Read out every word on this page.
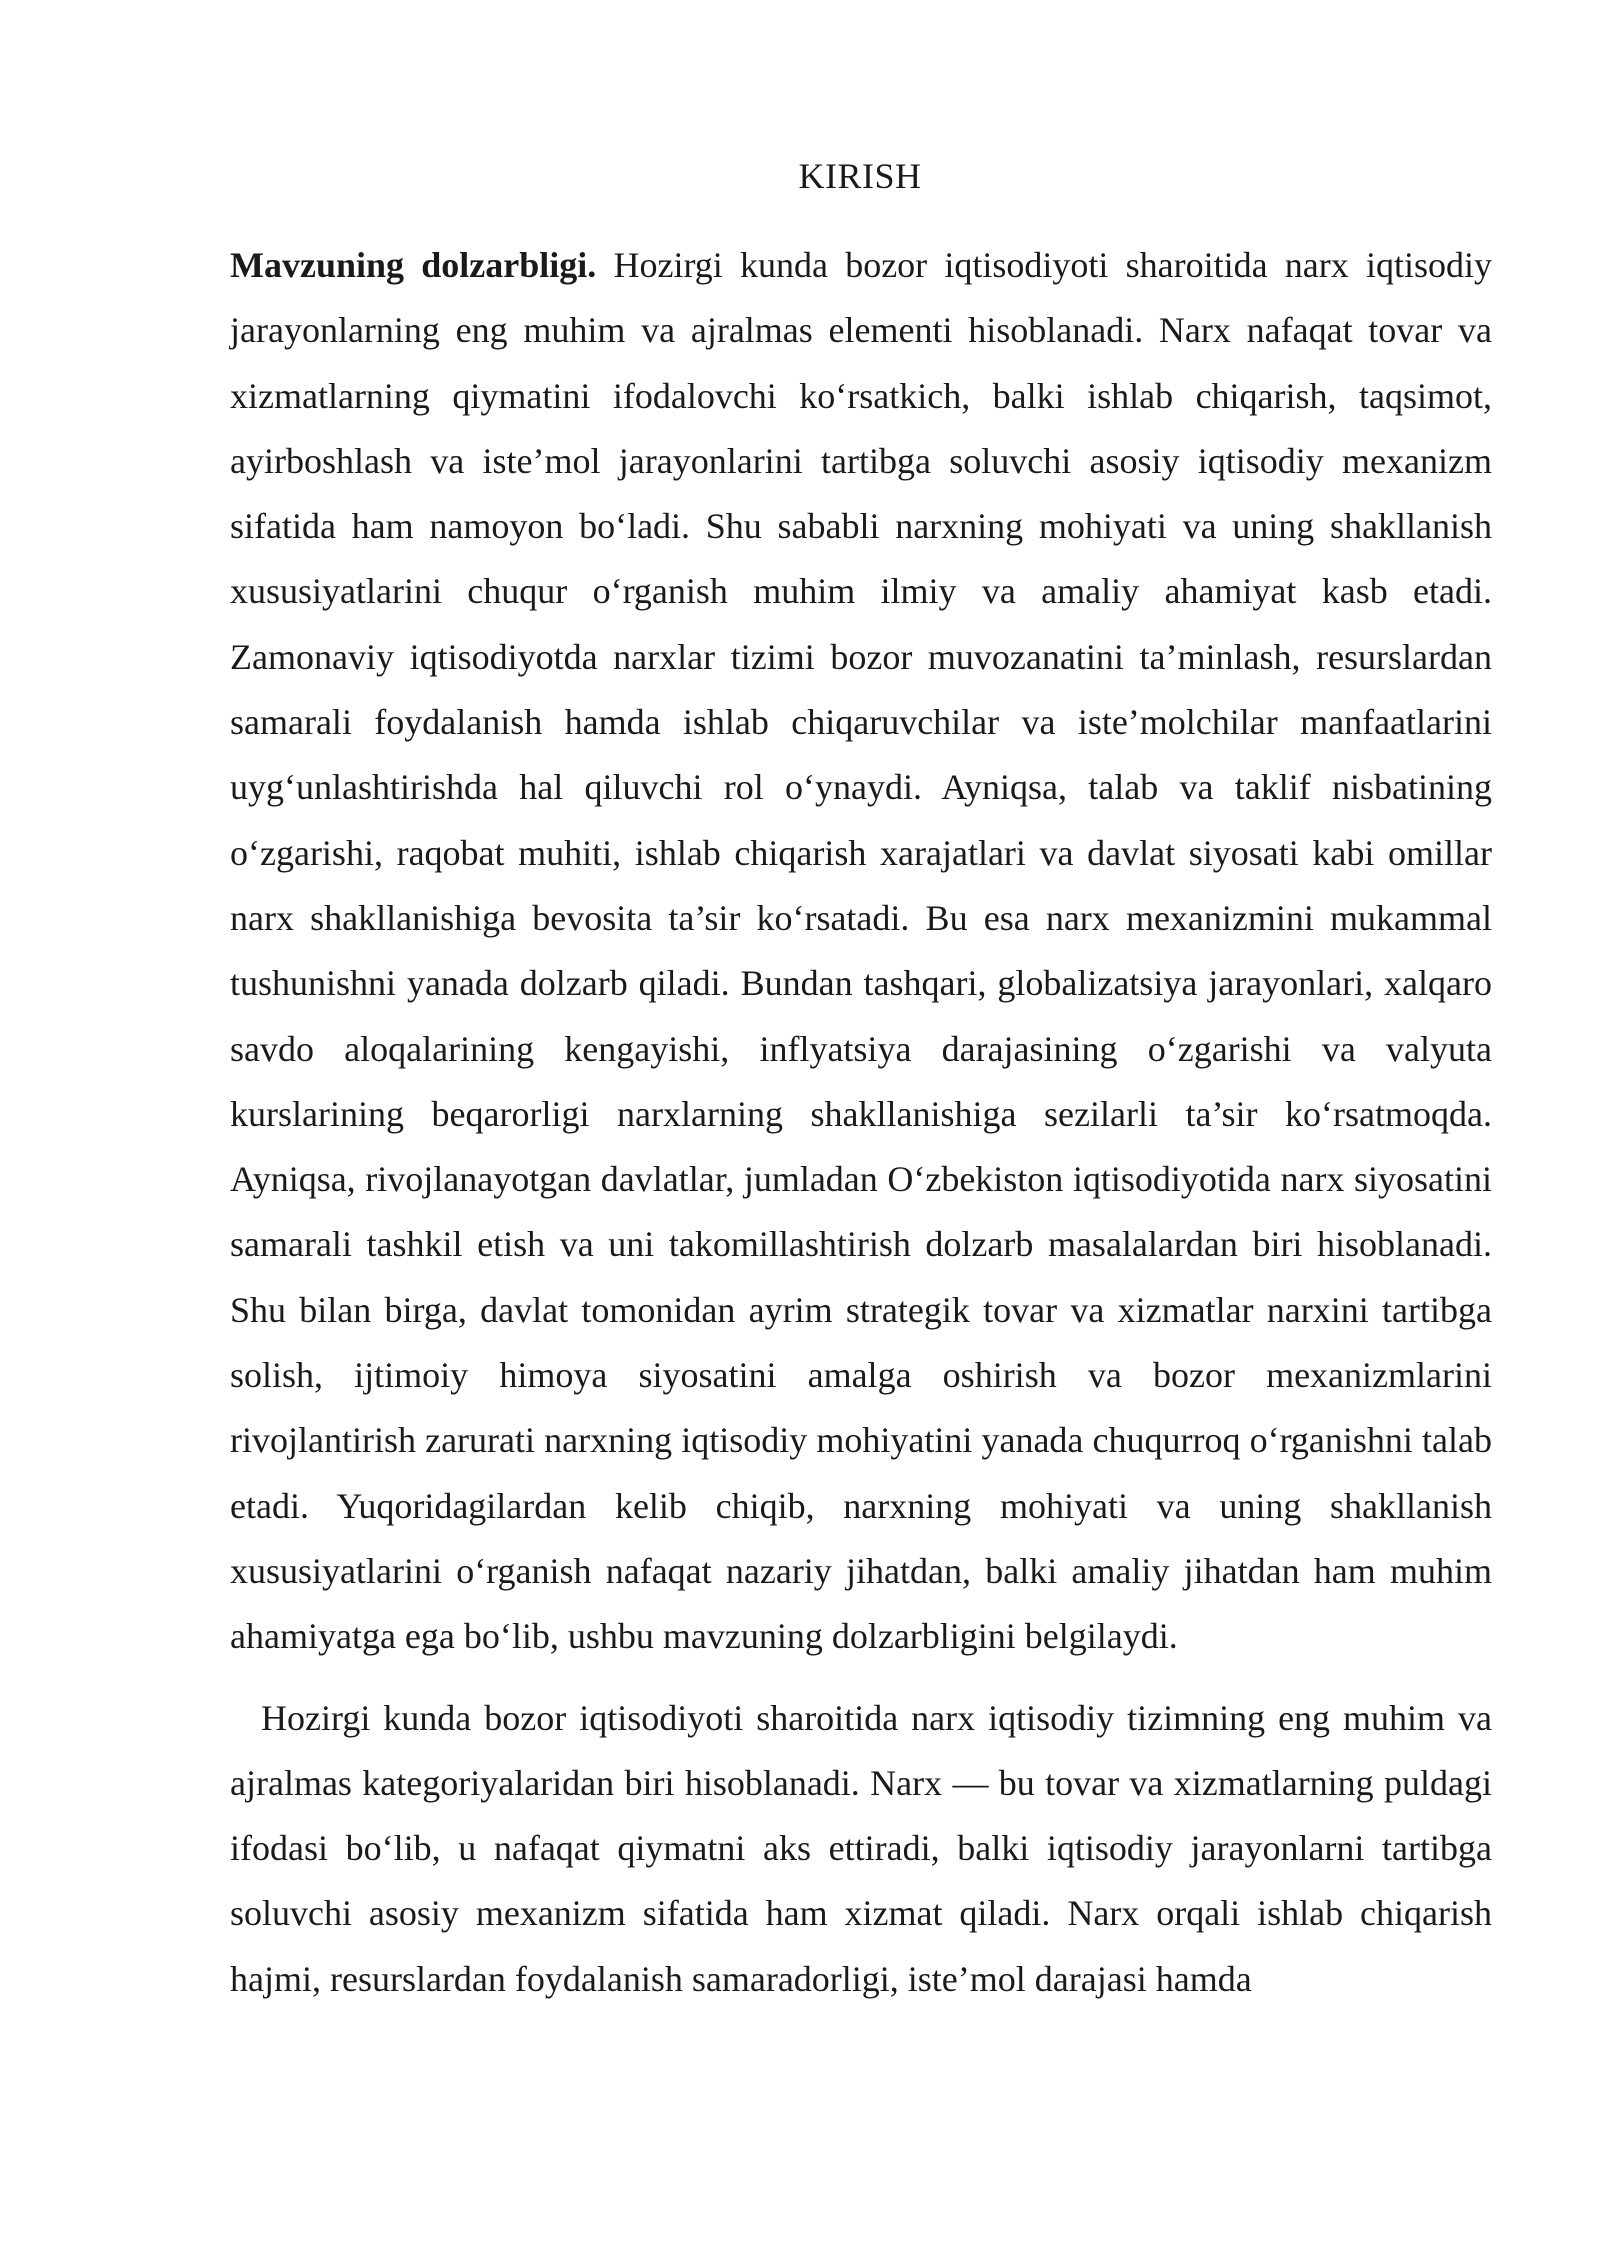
KIRISH

Mavzuning dolzarbligi. Hozirgi kunda bozor iqtisodiyoti sharoitida narx iqtisodiy jarayonlarning eng muhim va ajralmas elementi hisoblanadi. Narx nafaqat tovar va xizmatlarning qiymatini ifodalovchi ko‘rsatkich, balki ishlab chiqarish, taqsimot, ayirboshlash va iste’mol jarayonlarini tartibga soluvchi asosiy iqtisodiy mexanizm sifatida ham namoyon bo‘ladi. Shu sababli narxning mohiyati va uning shakllanish xususiyatlarini chuqur o‘rganish muhim ilmiy va amaliy ahamiyat kasb etadi. Zamonaviy iqtisodiyotda narxlar tizimi bozor muvozanatini ta’minlash, resurslardan samarali foydalanish hamda ishlab chiqaruvchilar va iste’molchilar manfaatlarini uyg‘unlashtirishda hal qiluvchi rol o‘ynaydi. Ayniqsa, talab va taklif nisbatining o‘zgarishi, raqobat muhiti, ishlab chiqarish xarajatlari va davlat siyosati kabi omillar narx shakllanishiga bevosita ta’sir ko‘rsatadi. Bu esa narx mexanizmini mukammal tushunishni yanada dolzarb qiladi. Bundan tashqari, globalizatsiya jarayonlari, xalqaro savdo aloqalarining kengayishi, inflyatsiya darajasining o‘zgarishi va valyuta kurslarining beqarorligi narxlarning shakllanishiga sezilarli ta’sir ko‘rsatmoqda. Ayniqsa, rivojlanayotgan davlatlar, jumladan O‘zbekiston iqtisodiyotida narx siyosatini samarali tashkil etish va uni takomillashtirish dolzarb masalalardan biri hisoblanadi. Shu bilan birga, davlat tomonidan ayrim strategik tovar va xizmatlar narxini tartibga solish, ijtimoiy himoya siyosatini amalga oshirish va bozor mexanizmlarini rivojlantirish zarurati narxning iqtisodiy mohiyatini yanada chuqurroq o‘rganishni talab etadi. Yuqoridagilardan kelib chiqib, narxning mohiyati va uning shakllanish xususiyatlarini o‘rganish nafaqat nazariy jihatdan, balki amaliy jihatdan ham muhim ahamiyatga ega bo‘lib, ushbu mavzuning dolzarbligini belgilaydi.

Hozirgi kunda bozor iqtisodiyoti sharoitida narx iqtisodiy tizimning eng muhim va ajralmas kategoriyalaridan biri hisoblanadi. Narx — bu tovar va xizmatlarning puldagi ifodasi bo‘lib, u nafaqat qiymatni aks ettiradi, balki iqtisodiy jarayonlarni tartibga soluvchi asosiy mexanizm sifatida ham xizmat qiladi. Narx orqali ishlab chiqarish hajmi, resurslardan foydalanish samaradorligi, iste’mol darajasi hamda
